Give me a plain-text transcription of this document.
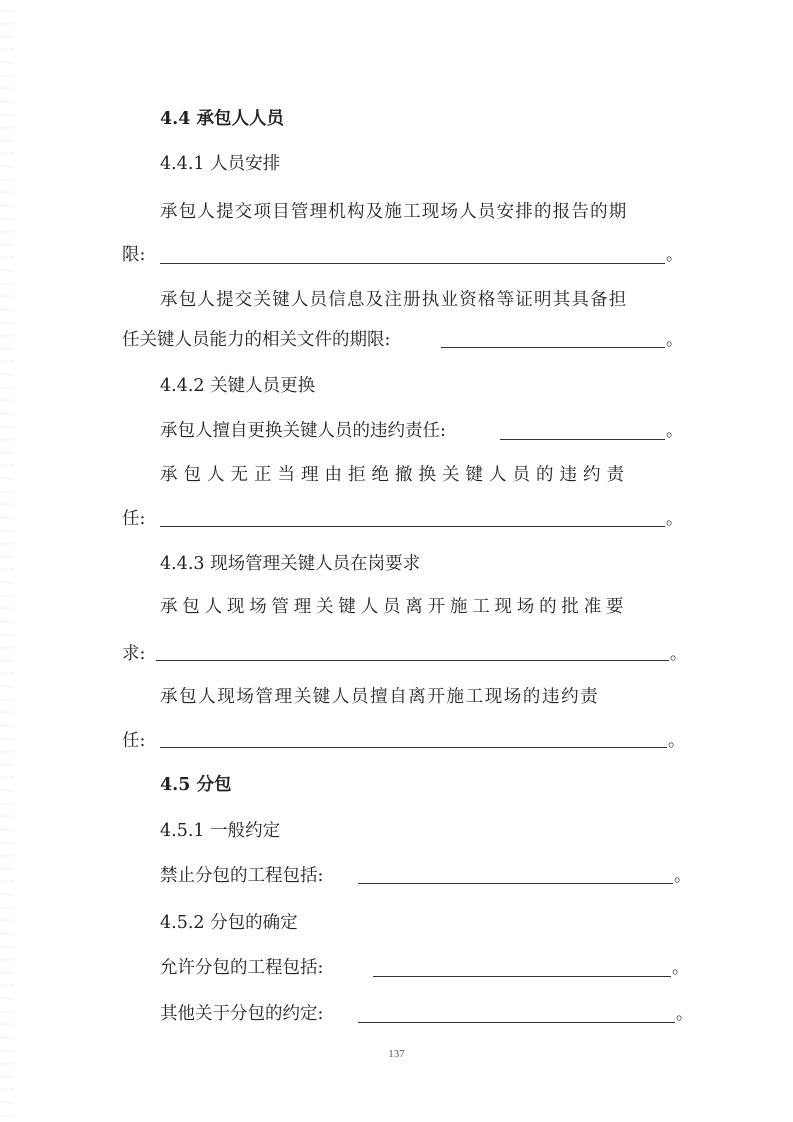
4.4 承包人人员
4.4.1 人员安排
承包人提交项目管理机构及施工现场人员安排的报告的期
限:	。
承包人提交关键人员信息及注册执业资格等证明其具备担
任关键人员能力的相关文件的期限:	。
4.4.2 关键人员更换
承包人擅自更换关键人员的违约责任:	。
承包人无正当理由拒绝撤换关键人员的违约责
任:	。
4.4.3 现场管理关键人员在岗要求
承包人现场管理关键人员离开施工现场的批准要
求:	。
承包人现场管理关键人员擅自离开施工现场的违约责
任:	。
4.5 分包
4.5.1 一般约定
禁止分包的工程包括:	。
4.5.2 分包的确定
允许分包的工程包括:	。
其他关于分包的约定:	。
137
